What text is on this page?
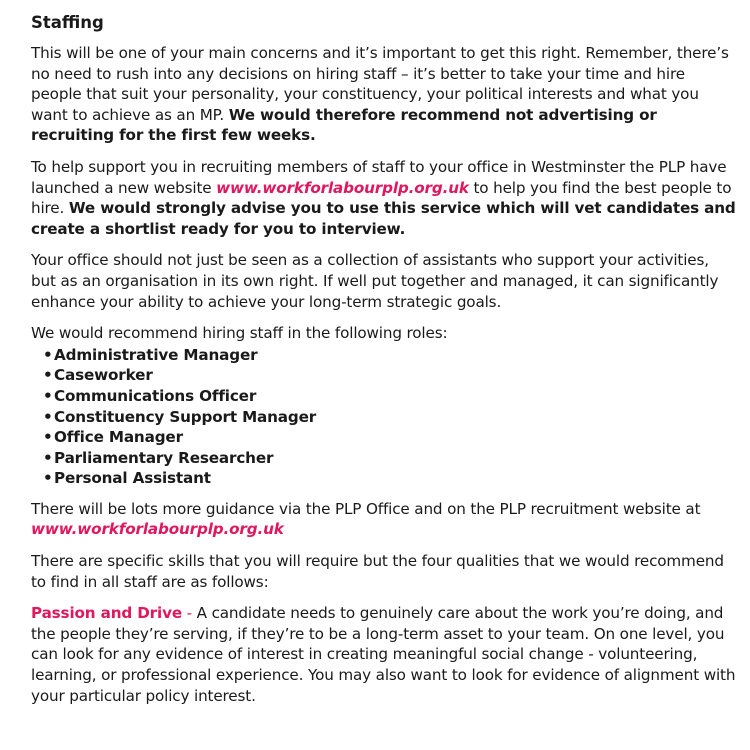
Staffing

This will be one of your main concerns and it’s important to get this right. Remember, there’s no need to rush into any decisions on hiring staff – it’s better to take your time and hire people that suit your personality, your constituency, your political interests and what you want to achieve as an MP. We would therefore recommend not advertising or recruiting for the first few weeks.

To help support you in recruiting members of staff to your office in Westminster the PLP have launched a new website www.workforlabourplp.org.uk to help you find the best people to hire. We would strongly advise you to use this service which will vet candidates and create a shortlist ready for you to interview.

Your office should not just be seen as a collection of assistants who support your activities, but as an organisation in its own right. If well put together and managed, it can significantly enhance your ability to achieve your long-term strategic goals.

We would recommend hiring staff in the following roles:

•Administrative Manager
•Caseworker
•Communications Officer
•Constituency Support Manager
•Office Manager
•Parliamentary Researcher
•Personal Assistant

There will be lots more guidance via the PLP Office and on the PLP recruitment website at www.workforlabourplp.org.uk

There are specific skills that you will require but the four qualities that we would recommend to find in all staff are as follows:

Passion and Drive - A candidate needs to genuinely care about the work you’re doing, and the people they’re serving, if they’re to be a long-term asset to your team. On one level, you can look for any evidence of interest in creating meaningful social change - volunteering, learning, or professional experience. You may also want to look for evidence of alignment with your particular policy interest.
